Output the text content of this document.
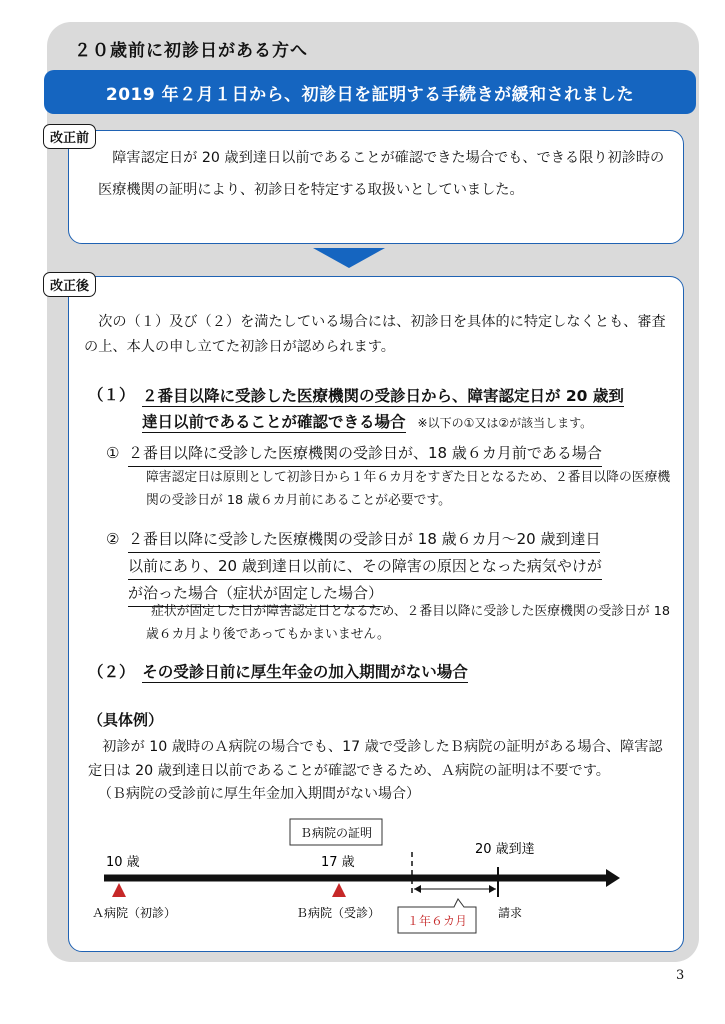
２０歳前に初診日がある方へ
2019 年２月１日から、初診日を証明する手続きが緩和されました
改正前

障害認定日が 20 歳到達日以前であることが確認できた場合でも、できる限り初診時の医療機関の証明により、初診日を特定する取扱いとしていました。

改正後

次の（１）及び（２）を満たしている場合には、初診日を具体的に特定しなくとも、審査の上、本人の申し立てた初診日が認められます。

（１） ２番目以降に受診した医療機関の受診日から、障害認定日が 20 歳到
達日以前であることが確認できる場合 ※以下の①又は②が該当します。
① ２番目以降に受診した医療機関の受診日が、18 歳６カ月前である場合

障害認定日は原則として初診日から１年６カ月をすぎた日となるため、２番目以降の医療機関の受診日が 18 歳６カ月前にあることが必要です。

② ２番目以降に受診した医療機関の受診日が 18 歳６カ月～20 歳到達日
以前にあり、20 歳到達日以前に、その障害の原因となった病気やけが
が治った場合（症状が固定した場合）

症状が固定した日が障害認定日となるため、２番目以降に受診した医療機関の受診日が 18 歳６カ月より後であってもかまいません。

（２）　 その受診日前に厚生年金の加入期間がない場合
（具体例）

初診が 10 歳時のＡ病院の場合でも、17 歳で受診したＢ病院の証明がある場合、障害認定日は 20 歳到達日以前であることが確認できるため、Ａ病院の証明は不要です。

（Ｂ病院の受診前に厚生年金加入期間がない場合）
Ｂ病院の証明
10 歳	17 歳
20 歳到達
Ａ病院（初診）	Ｂ病院（受診）
１年６カ月
請求
3
